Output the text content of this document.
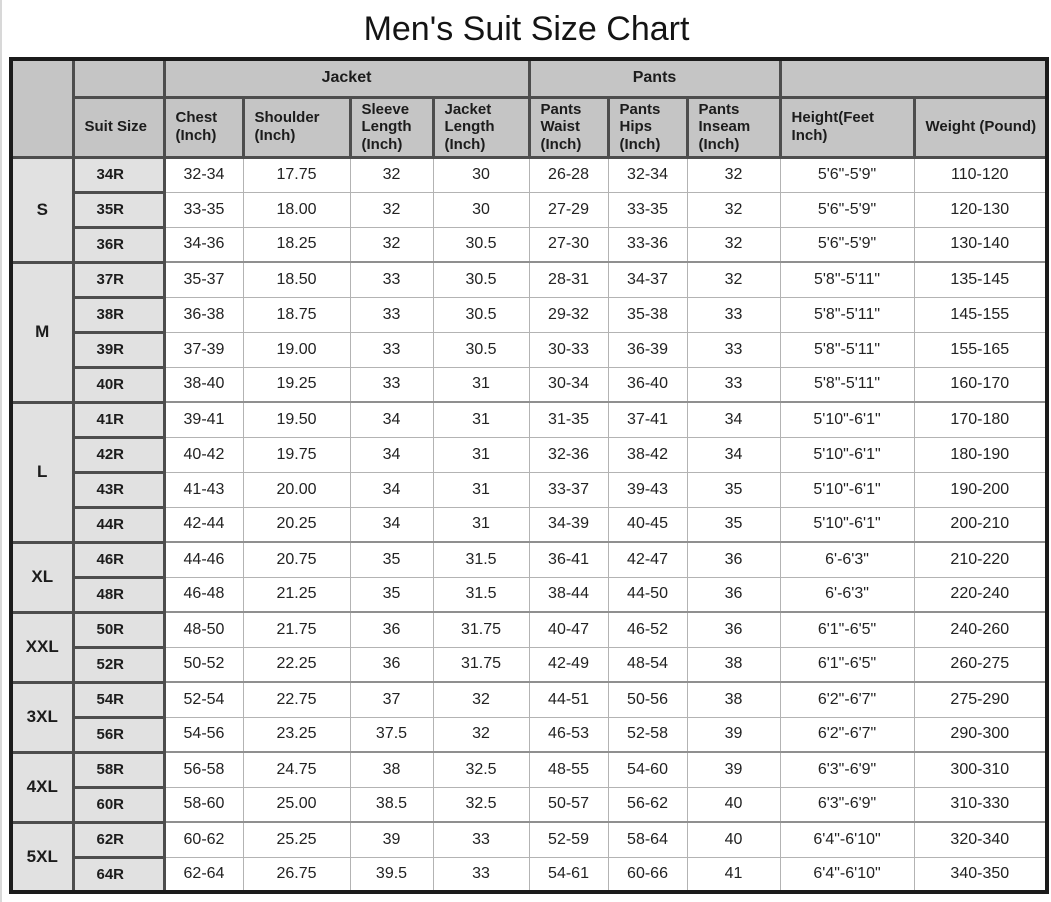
Men's Suit Size Chart
		Jacket				Pants				
	Suit Size	Chest (Inch)	Shoulder (Inch)	Sleeve Length (Inch)	Jacket Length (Inch)	Pants Waist (Inch)	Pants Hips (Inch)	Pants Inseam (Inch)	Height(Feet Inch)	Weight (Pound)
S	34R	32-34	17.75	32	30	26-28	32-34	32	5'6"-5'9"	110-120
	35R	33-35	18.00	32	30	27-29	33-35	32	5'6"-5'9"	120-130
	36R	34-36	18.25	32	30.5	27-30	33-36	32	5'6"-5'9"	130-140
M	37R	35-37	18.50	33	30.5	28-31	34-37	32	5'8"-5'11"	135-145
	38R	36-38	18.75	33	30.5	29-32	35-38	33	5'8"-5'11"	145-155
	39R	37-39	19.00	33	30.5	30-33	36-39	33	5'8"-5'11"	155-165
	40R	38-40	19.25	33	31	30-34	36-40	33	5'8"-5'11"	160-170
L	41R	39-41	19.50	34	31	31-35	37-41	34	5'10"-6'1"	170-180
	42R	40-42	19.75	34	31	32-36	38-42	34	5'10"-6'1"	180-190
	43R	41-43	20.00	34	31	33-37	39-43	35	5'10"-6'1"	190-200
	44R	42-44	20.25	34	31	34-39	40-45	35	5'10"-6'1"	200-210
XL	46R	44-46	20.75	35	31.5	36-41	42-47	36	6'-6'3"	210-220
	48R	46-48	21.25	35	31.5	38-44	44-50	36	6'-6'3"	220-240
XXL	50R	48-50	21.75	36	31.75	40-47	46-52	36	6'1"-6'5"	240-260
	52R	50-52	22.25	36	31.75	42-49	48-54	38	6'1"-6'5"	260-275
3XL	54R	52-54	22.75	37	32	44-51	50-56	38	6'2"-6'7"	275-290
	56R	54-56	23.25	37.5	32	46-53	52-58	39	6'2"-6'7"	290-300
4XL	58R	56-58	24.75	38	32.5	48-55	54-60	39	6'3"-6'9"	300-310
	60R	58-60	25.00	38.5	32.5	50-57	56-62	40	6'3"-6'9"	310-330
5XL	62R	60-62	25.25	39	33	52-59	58-64	40	6'4"-6'10"	320-340
	64R	62-64	26.75	39.5	33	54-61	60-66	41	6'4"-6'10"	340-350
